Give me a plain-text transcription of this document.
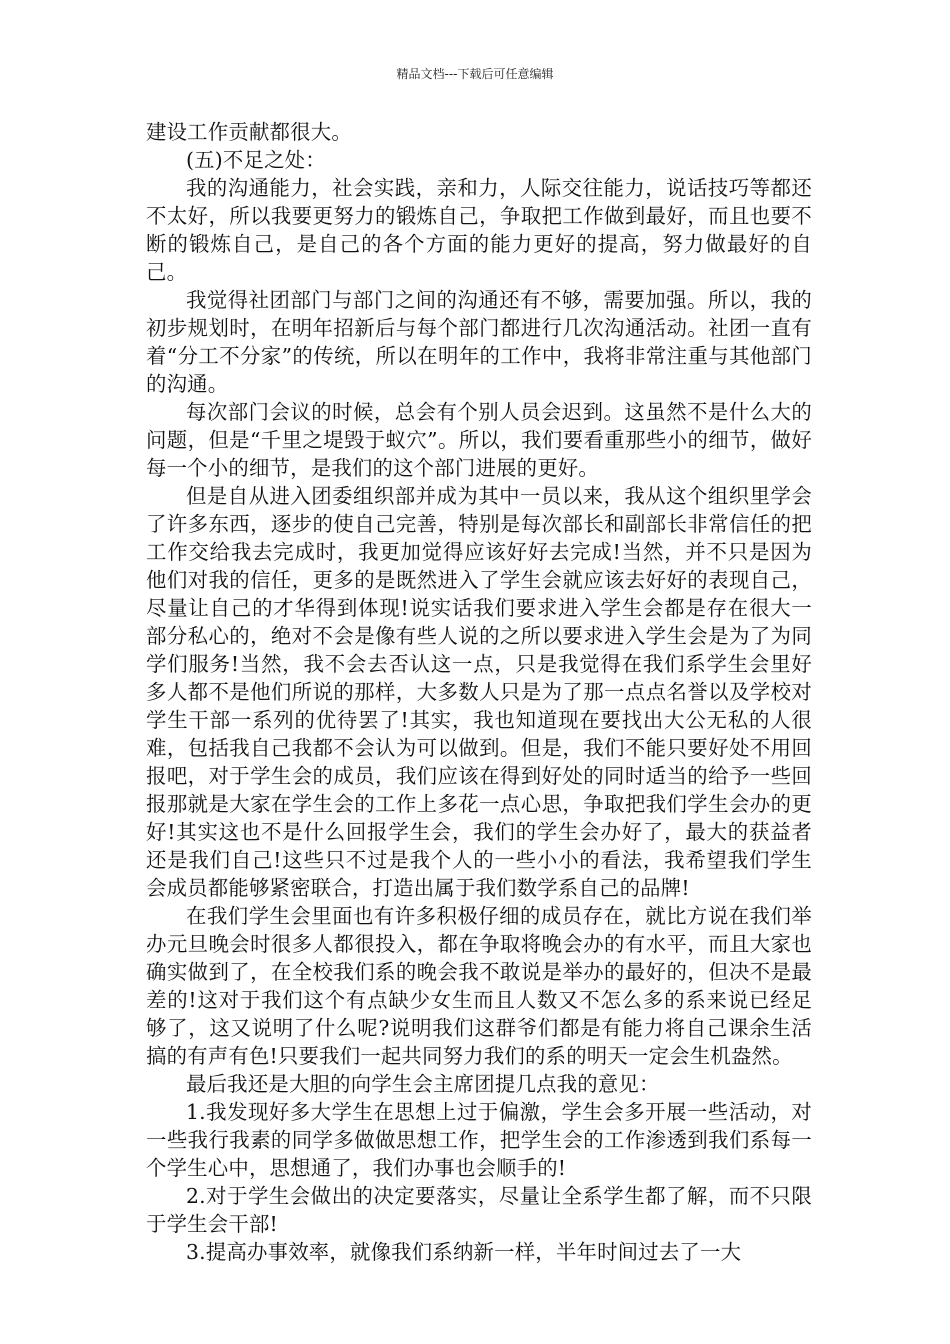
精品文档---下载后可任意编辑

建设工作贡献都很大。

(五)不足之处：

我的沟通能力，社会实践，亲和力，人际交往能力，说话技巧等都还不太好，所以我要更努力的锻炼自己，争取把工作做到最好，而且也要不断的锻炼自己，是自己的各个方面的能力更好的提高，努力做最好的自己。

我觉得社团部门与部门之间的沟通还有不够，需要加强。所以，我的初步规划时，在明年招新后与每个部门都进行几次沟通活动。社团一直有着“分工不分家”的传统，所以在明年的工作中，我将非常注重与其他部门的沟通。

每次部门会议的时候，总会有个别人员会迟到。这虽然不是什么大的问题，但是“千里之堤毁于蚁穴”。所以，我们要看重那些小的细节，做好每一个小的细节，是我们的这个部门进展的更好。

但是自从进入团委组织部并成为其中一员以来，我从这个组织里学会了许多东西，逐步的使自己完善，特别是每次部长和副部长非常信任的把工作交给我去完成时，我更加觉得应该好好去完成!当然，并不只是因为他们对我的信任，更多的是既然进入了学生会就应该去好好的表现自己，尽量让自己的才华得到体现!说实话我们要求进入学生会都是存在很大一部分私心的，绝对不会是像有些人说的之所以要求进入学生会是为了为同学们服务!当然，我不会去否认这一点，只是我觉得在我们系学生会里好多人都不是他们所说的那样，大多数人只是为了那一点点名誉以及学校对学生干部一系列的优待罢了!其实，我也知道现在要找出大公无私的人很难，包括我自己我都不会认为可以做到。但是，我们不能只要好处不用回报吧，对于学生会的成员，我们应该在得到好处的同时适当的给予一些回报那就是大家在学生会的工作上多花一点心思，争取把我们学生会办的更好!其实这也不是什么回报学生会，我们的学生会办好了，最大的获益者还是我们自己!这些只不过是我个人的一些小小的看法，我希望我们学生会成员都能够紧密联合，打造出属于我们数学系自己的品牌!

在我们学生会里面也有许多积极仔细的成员存在，就比方说在我们举办元旦晚会时很多人都很投入，都在争取将晚会办的有水平，而且大家也确实做到了，在全校我们系的晚会我不敢说是举办的最好的，但决不是最差的!这对于我们这个有点缺少女生而且人数又不怎么多的系来说已经足够了，这又说明了什么呢?说明我们这群爷们都是有能力将自己课余生活搞的有声有色!只要我们一起共同努力我们的系的明天一定会生机盎然。

最后我还是大胆的向学生会主席团提几点我的意见：

1.我发现好多大学生在思想上过于偏激，学生会多开展一些活动，对一些我行我素的同学多做做思想工作，把学生会的工作渗透到我们系每一个学生心中，思想通了，我们办事也会顺手的!

2.对于学生会做出的决定要落实，尽量让全系学生都了解，而不只限于学生会干部!

3.提高办事效率，就像我们系纳新一样，半年时间过去了一大
